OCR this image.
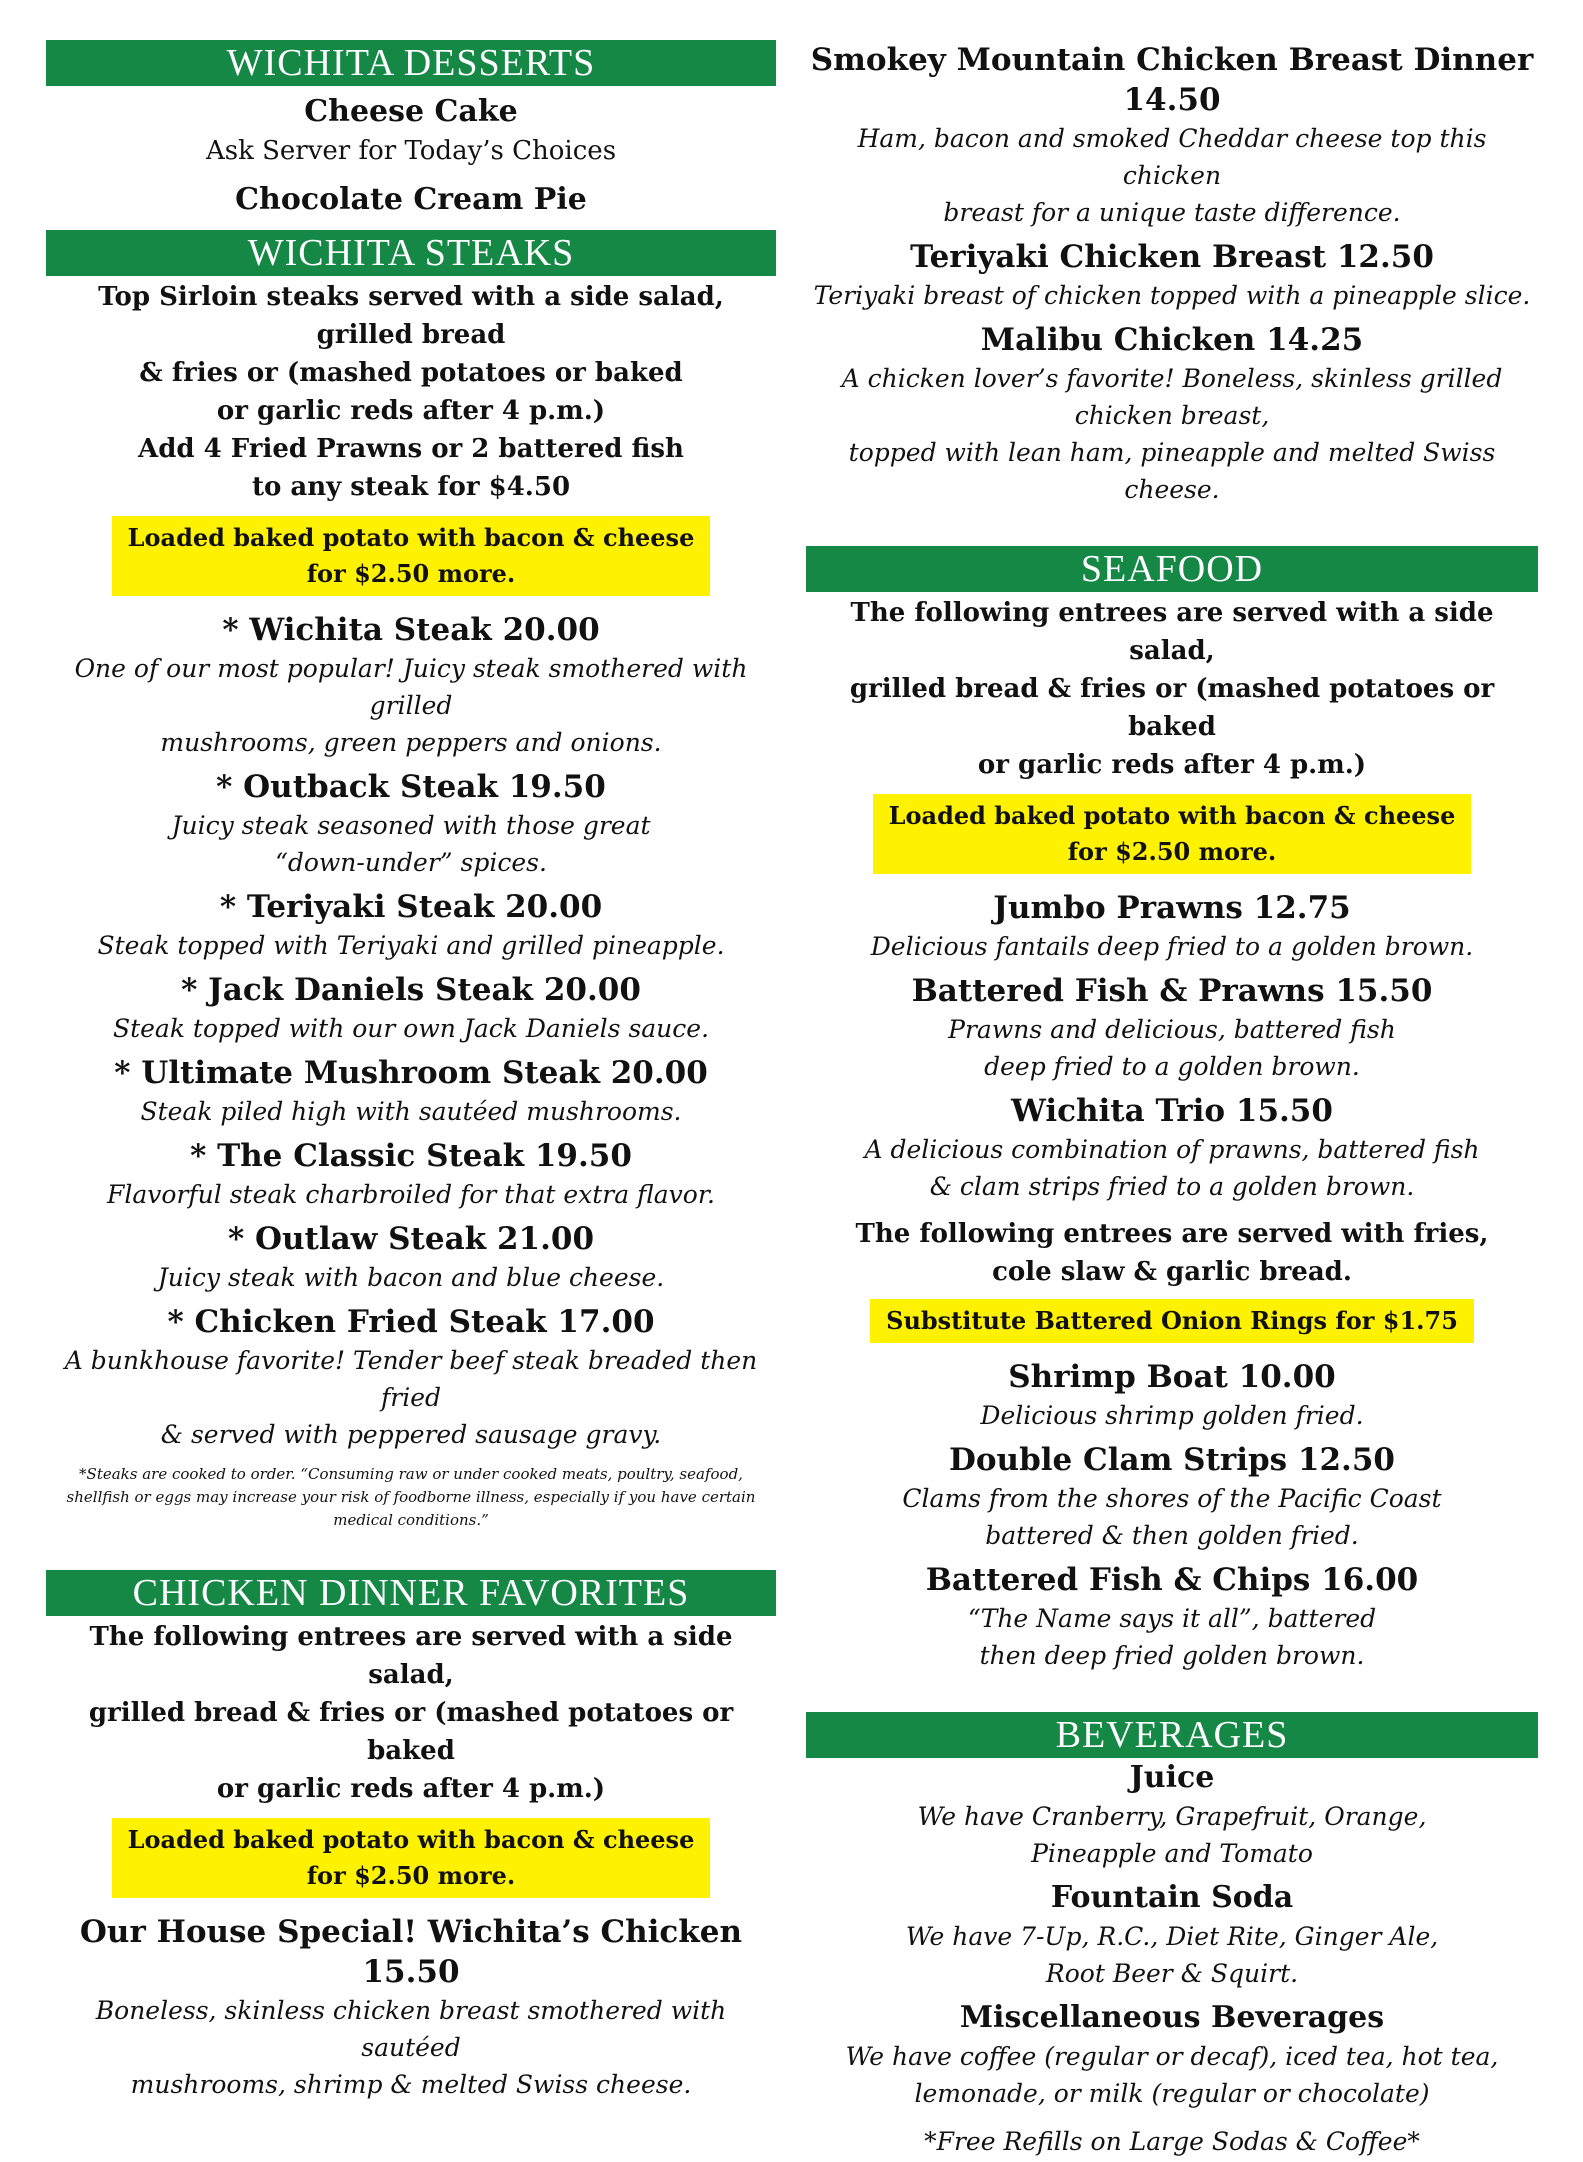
WICHITA DESSERTS
Cheese Cake
Ask Server for Today’s Choices
Chocolate Cream Pie
WICHITA STEAKS
Top Sirloin steaks served with a side salad, grilled bread
& fries or (mashed potatoes or baked
or garlic reds after 4 p.m.)
Add 4 Fried Prawns or 2 battered fish
to any steak for $4.50
Loaded baked potato with bacon & cheese
for $2.50 more.
* Wichita Steak 20.00
One of our most popular! Juicy steak smothered with grilled
mushrooms, green peppers and onions.
* Outback Steak 19.50
Juicy steak seasoned with those great
“down-under” spices.
* Teriyaki Steak 20.00
Steak topped with Teriyaki and grilled pineapple.
* Jack Daniels Steak 20.00
Steak topped with our own Jack Daniels sauce.
* Ultimate Mushroom Steak 20.00
Steak piled high with sautéed mushrooms.
* The Classic Steak 19.50
Flavorful steak charbroiled for that extra flavor.
* Outlaw Steak 21.00
Juicy steak with bacon and blue cheese.
* Chicken Fried Steak 17.00
A bunkhouse favorite! Tender beef steak breaded then fried
& served with peppered sausage gravy.
*Steaks are cooked to order. “Consuming raw or under cooked meats, poultry, seafood,
shellfish or eggs may increase your risk of foodborne illness, especially if you have certain
medical conditions.”
CHICKEN DINNER FAVORITES
The following entrees are served with a side salad,
grilled bread & fries or (mashed potatoes or baked
or garlic reds after 4 p.m.)
Loaded baked potato with bacon & cheese
for $2.50 more.
Our House Special! Wichita’s Chicken 15.50
Boneless, skinless chicken breast smothered with sautéed
mushrooms, shrimp & melted Swiss cheese.
Smokey Mountain Chicken Breast Dinner 14.50
Ham, bacon and smoked Cheddar cheese top this chicken
breast for a unique taste difference.
Teriyaki Chicken Breast 12.50
Teriyaki breast of chicken topped with a pineapple slice.
Malibu Chicken 14.25
A chicken lover’s favorite! Boneless, skinless grilled chicken breast,
topped with lean ham, pineapple and melted Swiss cheese.
SEAFOOD
The following entrees are served with a side salad,
grilled bread & fries or (mashed potatoes or baked
or garlic reds after 4 p.m.)
Loaded baked potato with bacon & cheese
for $2.50 more.
Jumbo Prawns 12.75
Delicious fantails deep fried to a golden brown.
Battered Fish & Prawns 15.50
Prawns and delicious, battered fish
deep fried to a golden brown.
Wichita Trio 15.50
A delicious combination of prawns, battered fish
& clam strips fried to a golden brown.
The following entrees are served with fries,
cole slaw & garlic bread.
Substitute Battered Onion Rings for $1.75
Shrimp Boat 10.00
Delicious shrimp golden fried.
Double Clam Strips 12.50
Clams from the shores of the Pacific Coast
battered & then golden fried.
Battered Fish & Chips 16.00
“The Name says it all”, battered
then deep fried golden brown.
BEVERAGES
Juice
We have Cranberry, Grapefruit, Orange,
Pineapple and Tomato
Fountain Soda
We have 7-Up, R.C., Diet Rite, Ginger Ale,
Root Beer & Squirt.
Miscellaneous Beverages
We have coffee (regular or decaf), iced tea, hot tea,
lemonade, or milk (regular or chocolate)
*Free Refills on Large Sodas & Coffee*
